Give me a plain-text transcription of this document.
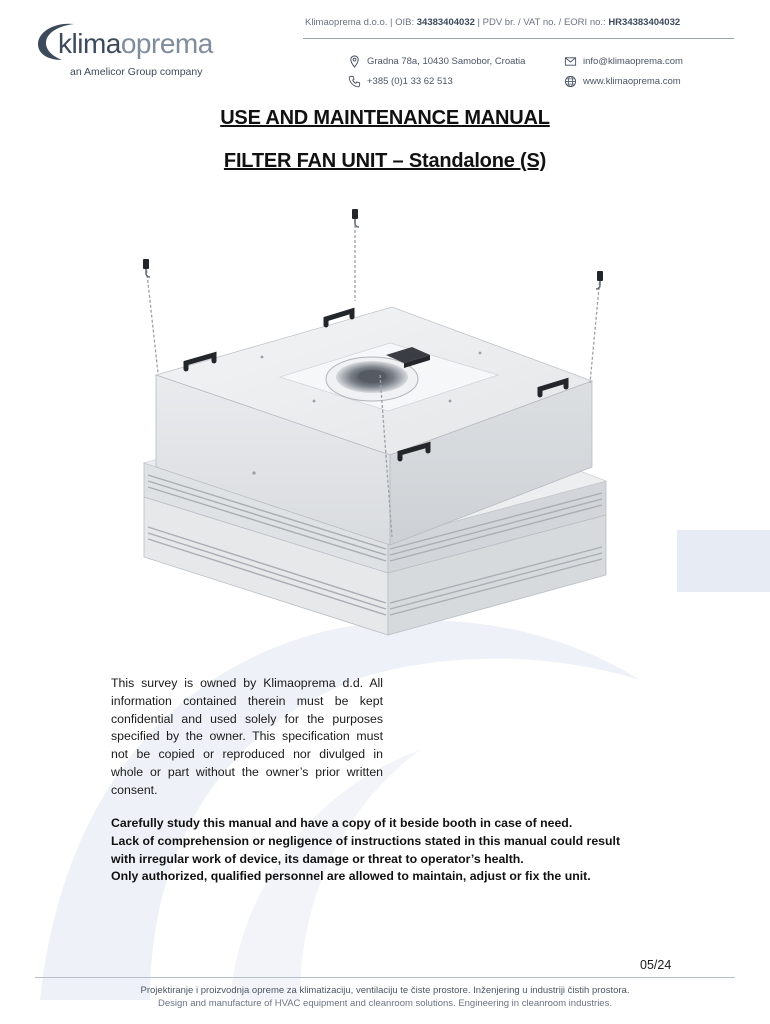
klimaoprema
an Amelicor Group company
Klimaoprema d.o.o. | OIB: 34383404032 | PDV br. / VAT no. / EORI no.: HR34383404032
Gradna 78a, 10430 Samobor, Croatia
+385 (0)1 33 62 513
info@klimaoprema.com
www.klimaoprema.com
USE AND MAINTENANCE MANUAL
FILTER FAN UNIT – Standalone (S)
This survey is owned by Klimaoprema d.d. All information contained therein must be kept confidential and used solely for the purposes specified by the owner. This specification must not be copied or reproduced nor divulged in whole or part without the owner’s prior written consent.
Carefully study this manual and have a copy of it beside booth in case of need.
Lack of comprehension or negligence of instructions stated in this manual could result
with irregular work of device, its damage or threat to operator’s health.
Only authorized, qualified personnel are allowed to maintain, adjust or fix the unit.
05/24
Projektiranje i proizvodnja opreme za klimatizaciju, ventilaciju te čiste prostore. Inženjering u industriji čistih prostora.
Design and manufacture of HVAC equipment and cleanroom solutions. Engineering in cleanroom industries.
